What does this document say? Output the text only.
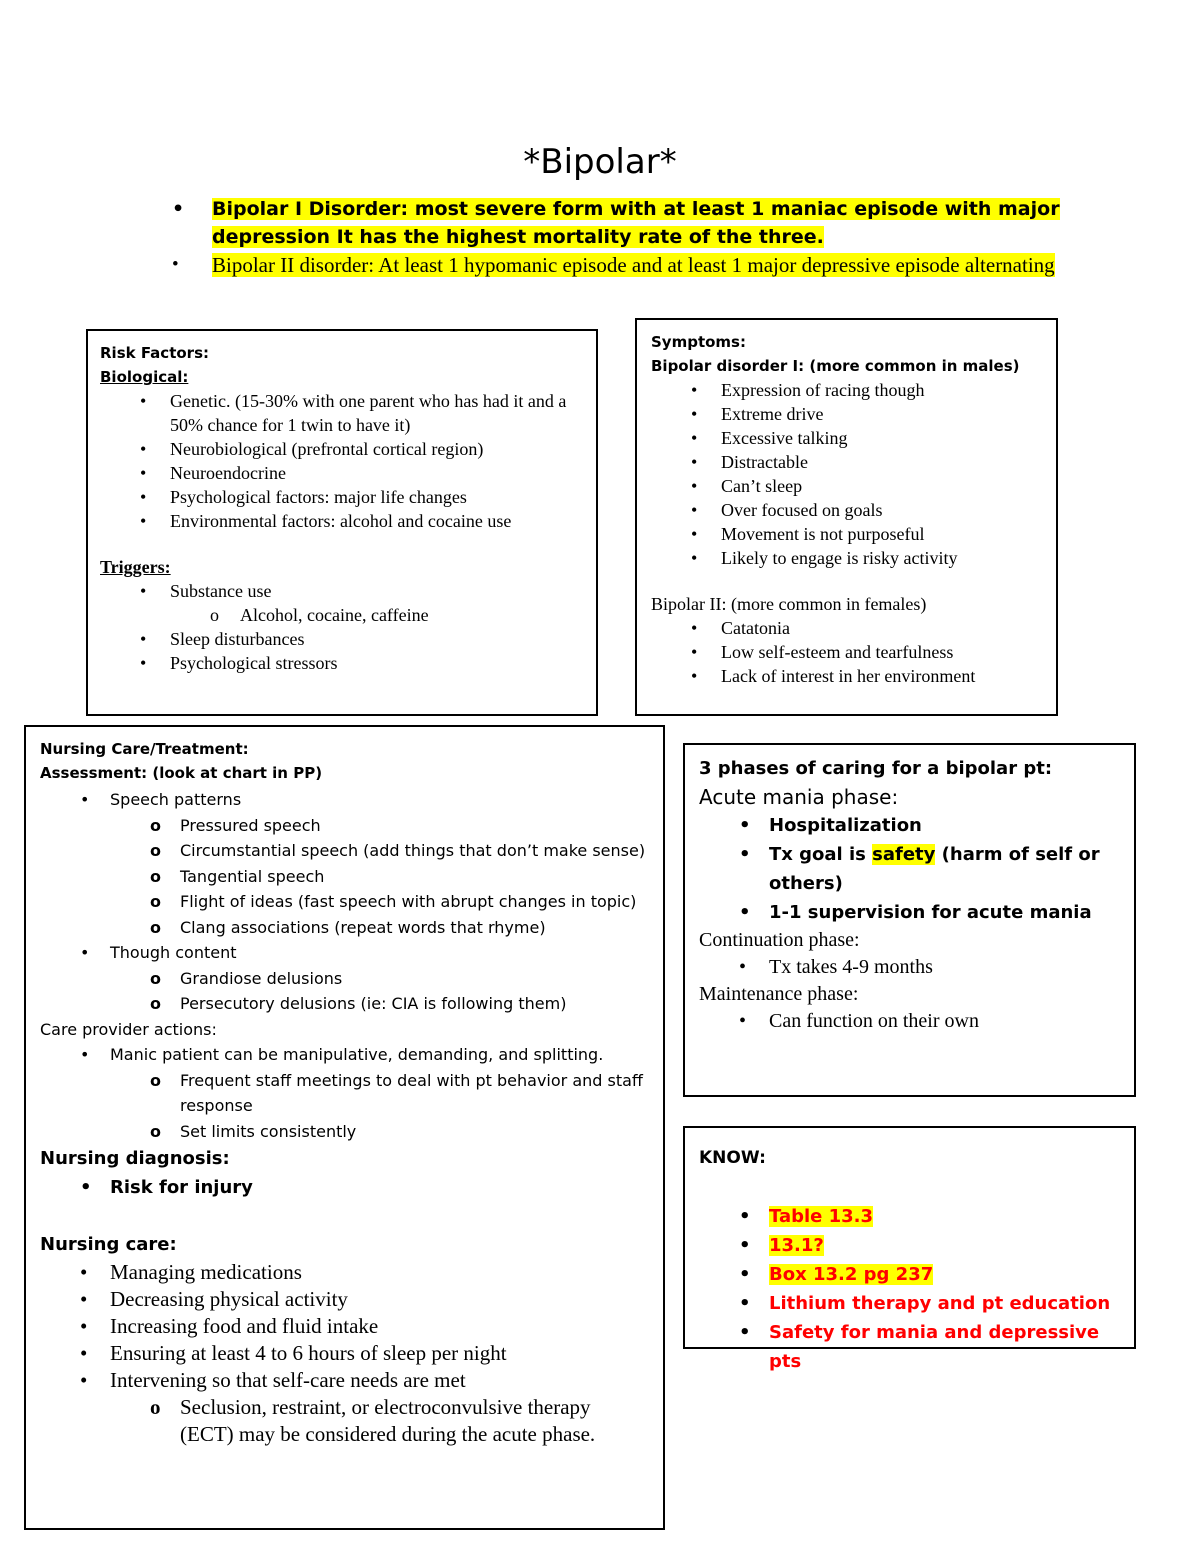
*Bipolar*
• Bipolar I Disorder: most severe form with at least 1 maniac episode with major depression It has the highest mortality rate of the three.
• Bipolar II disorder: At least 1 hypomanic episode and at least 1 major depressive episode alternating
Risk Factors:
Biological:
• Genetic. (15-30% with one parent who has had it and a 50% chance for 1 twin to have it)
• Neurobiological (prefrontal cortical region)
• Neuroendocrine
• Psychological factors: major life changes
• Environmental factors: alcohol and cocaine use
Triggers:
• Substance use
o Alcohol, cocaine, caffeine
• Sleep disturbances
• Psychological stressors
Symptoms:
Bipolar disorder I: (more common in males)
• Expression of racing though
• Extreme drive
• Excessive talking
• Distractable
• Can’t sleep
• Over focused on goals
• Movement is not purposeful
• Likely to engage is risky activity
Bipolar II: (more common in females)
• Catatonia
• Low self-esteem and tearfulness
• Lack of interest in her environment
Nursing Care/Treatment:
Assessment: (look at chart in PP)
• Speech patterns
o Pressured speech
o Circumstantial speech (add things that don’t make sense)
o Tangential speech
o Flight of ideas (fast speech with abrupt changes in topic)
o Clang associations (repeat words that rhyme)
• Though content
o Grandiose delusions
o Persecutory delusions (ie: CIA is following them)
Care provider actions:
• Manic patient can be manipulative, demanding, and splitting.
o Frequent staff meetings to deal with pt behavior and staff response
o Set limits consistently
Nursing diagnosis:
• Risk for injury
Nursing care:
• Managing medications
• Decreasing physical activity
• Increasing food and fluid intake
• Ensuring at least 4 to 6 hours of sleep per night
• Intervening so that self-care needs are met
o Seclusion, restraint, or electroconvulsive therapy (ECT) may be considered during the acute phase.
3 phases of caring for a bipolar pt:
Acute mania phase:
• Hospitalization
• Tx goal is safety (harm of self or others)
• 1-1 supervision for acute mania
Continuation phase:
• Tx takes 4-9 months
Maintenance phase:
• Can function on their own
KNOW:
• Table 13.3
• 13.1?
• Box 13.2 pg 237
• Lithium therapy and pt education
• Safety for mania and depressive pts
